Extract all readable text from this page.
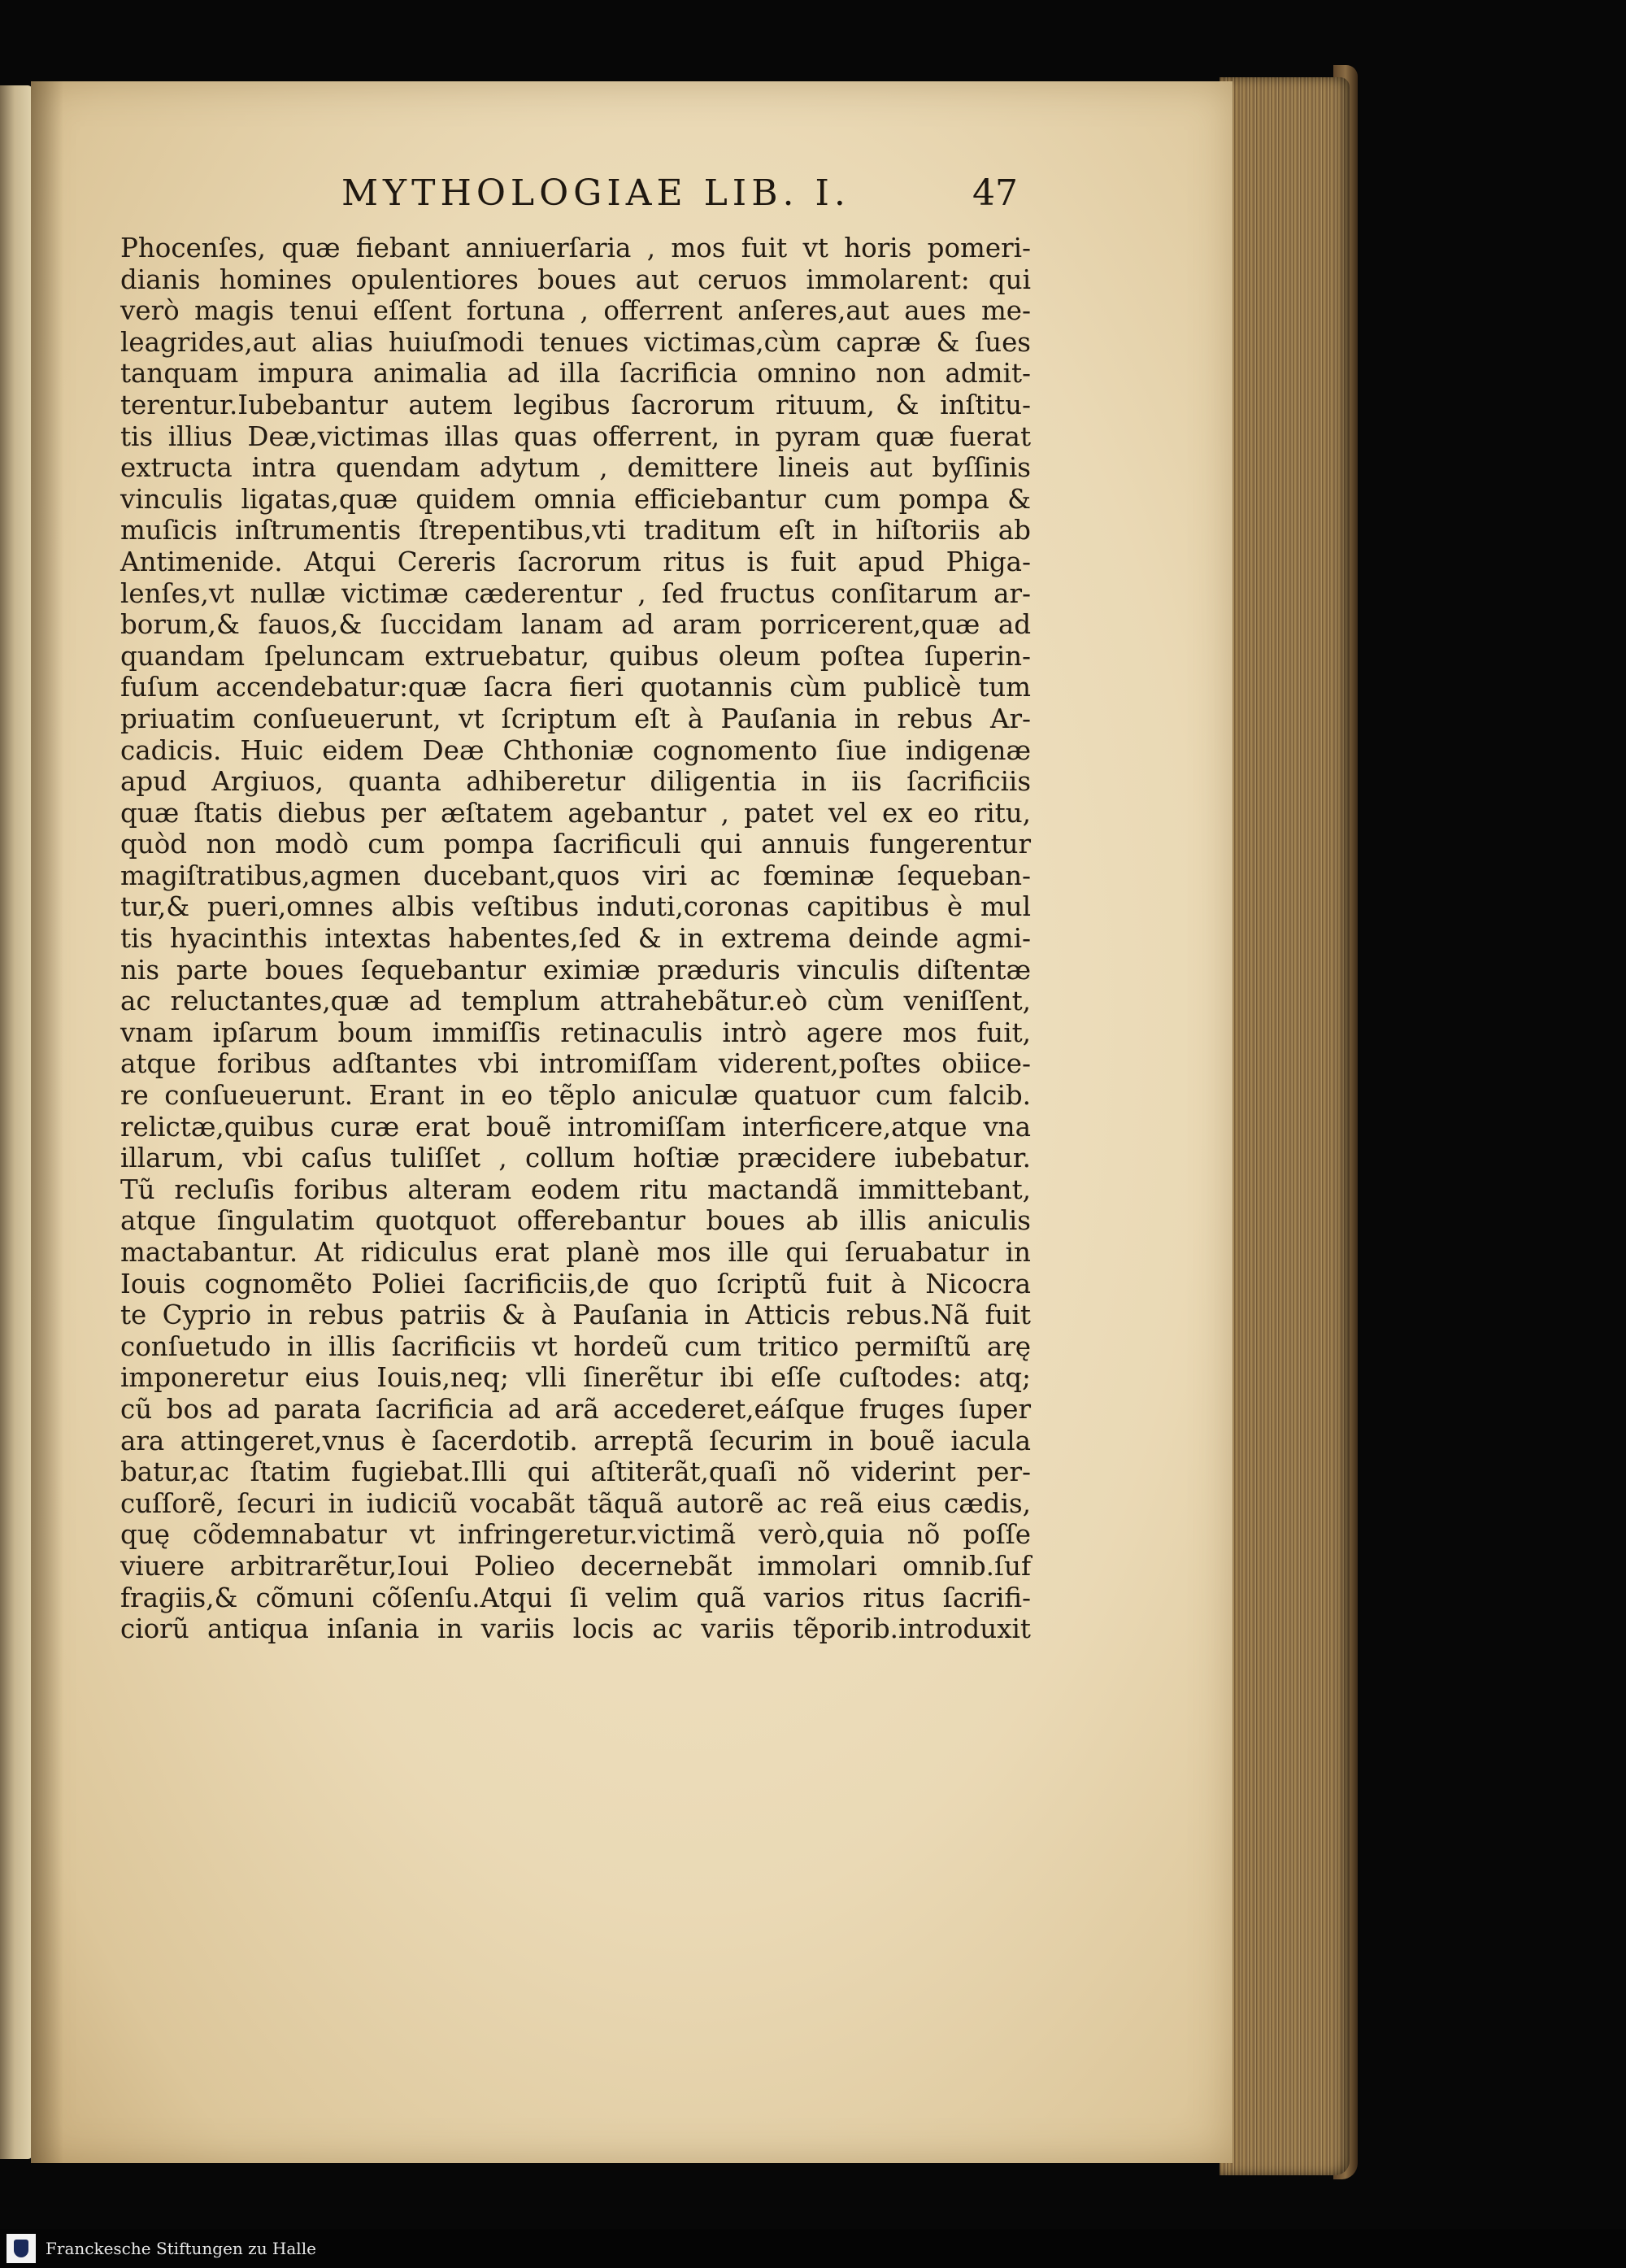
MYTHOLOGIAE LIB. I.	47
Phocenſes, quæ fiebant anniuerſaria , mos fuit vt horis pomeri-
dianis homines opulentiores boues aut ceruos immolarent: qui
verò magis tenui eſſent fortuna , offerrent anſeres,aut aues me-
leagrides,aut alias huiuſmodi tenues victimas,cùm capræ & ſues
tanquam impura animalia ad illa ſacrificia omnino non admit-
terentur.Iubebantur autem legibus ſacrorum rituum, & inſtitu-
tis illius Deæ,victimas illas quas offerrent, in pyram quæ fuerat
extructa intra quendam adytum , demittere lineis aut byſſinis
vinculis ligatas,quæ quidem omnia efficiebantur cum pompa &
muſicis inſtrumentis ſtrepentibus,vti traditum eſt in hiſtoriis ab
Antimenide. Atqui Cereris ſacrorum ritus is fuit apud Phiga-
lenſes,vt nullæ victimæ cæderentur , ſed fructus conſitarum ar-
borum,& fauos,& ſuccidam lanam ad aram porricerent,quæ ad
quandam ſpeluncam extruebatur, quibus oleum poſtea ſuperin-
fuſum accendebatur:quæ ſacra fieri quotannis cùm publicè tum
priuatim conſueuerunt, vt ſcriptum eſt à Pauſania in rebus Ar-
cadicis. Huic eidem Deæ Chthoniæ cognomento ſiue indigenæ
apud Argiuos, quanta adhiberetur diligentia in iis ſacrificiis
quæ ſtatis diebus per æſtatem agebantur , patet vel ex eo ritu,
quòd non modò cum pompa ſacrificuli qui annuis fungerentur
magiſtratibus,agmen ducebant,quos viri ac fœminæ ſequeban-
tur,& pueri,omnes albis veſtibus induti,coronas capitibus è mul
tis hyacinthis intextas habentes,ſed & in extrema deinde agmi-
nis parte boues ſequebantur eximiæ præduris vinculis diſtentæ
ac reluctantes,quæ ad templum attrahebãtur.eò cùm veniſſent,
vnam ipſarum boum immiſſis retinaculis intrò agere mos fuit,
atque foribus adſtantes vbi intromiſſam viderent,poſtes obiice-
re conſueuerunt. Erant in eo tẽplo aniculæ quatuor cum falcib.
relictæ,quibus curæ erat bouẽ intromiſſam interficere,atque vna
illarum, vbi caſus tuliſſet , collum hoſtiæ præcidere iubebatur.
Tũ recluſis foribus alteram eodem ritu mactandã immittebant,
atque ſingulatim quotquot offerebantur boues ab illis aniculis
mactabantur. At ridiculus erat planè mos ille qui ſeruabatur in
Iouis cognomẽto Poliei ſacrificiis,de quo ſcriptũ fuit à Nicocra
te Cyprio in rebus patriis & à Pauſania in Atticis rebus.Nã fuit
conſuetudo in illis ſacrificiis vt hordeũ cum tritico permiſtũ arę
imponeretur eius Iouis,neq; vlli ſinerẽtur ibi eſſe cuſtodes: atq;
cũ bos ad parata ſacrificia ad arã accederet,eáſque fruges ſuper
ara attingeret,vnus è ſacerdotib. arreptã ſecurim in bouẽ iacula
batur,ac ſtatim fugiebat.Illi qui aſtiterãt,quaſi nõ viderint per-
cuſſorẽ, ſecuri in iudiciũ vocabãt tãquã autorẽ ac reã eius cædis,
quę cõdemnabatur vt infringeretur.victimã verò,quia nõ poſſe
viuere arbitrarẽtur,Ioui Polieo decernebãt immolari omnib.ſuf
fragiis,& cõmuni cõſenſu.Atqui ſi velim quã varios ritus ſacrifi-
ciorũ antiqua inſania in variis locis ac variis tẽporib.introduxit
Franckesche Stiftungen zu Halle
